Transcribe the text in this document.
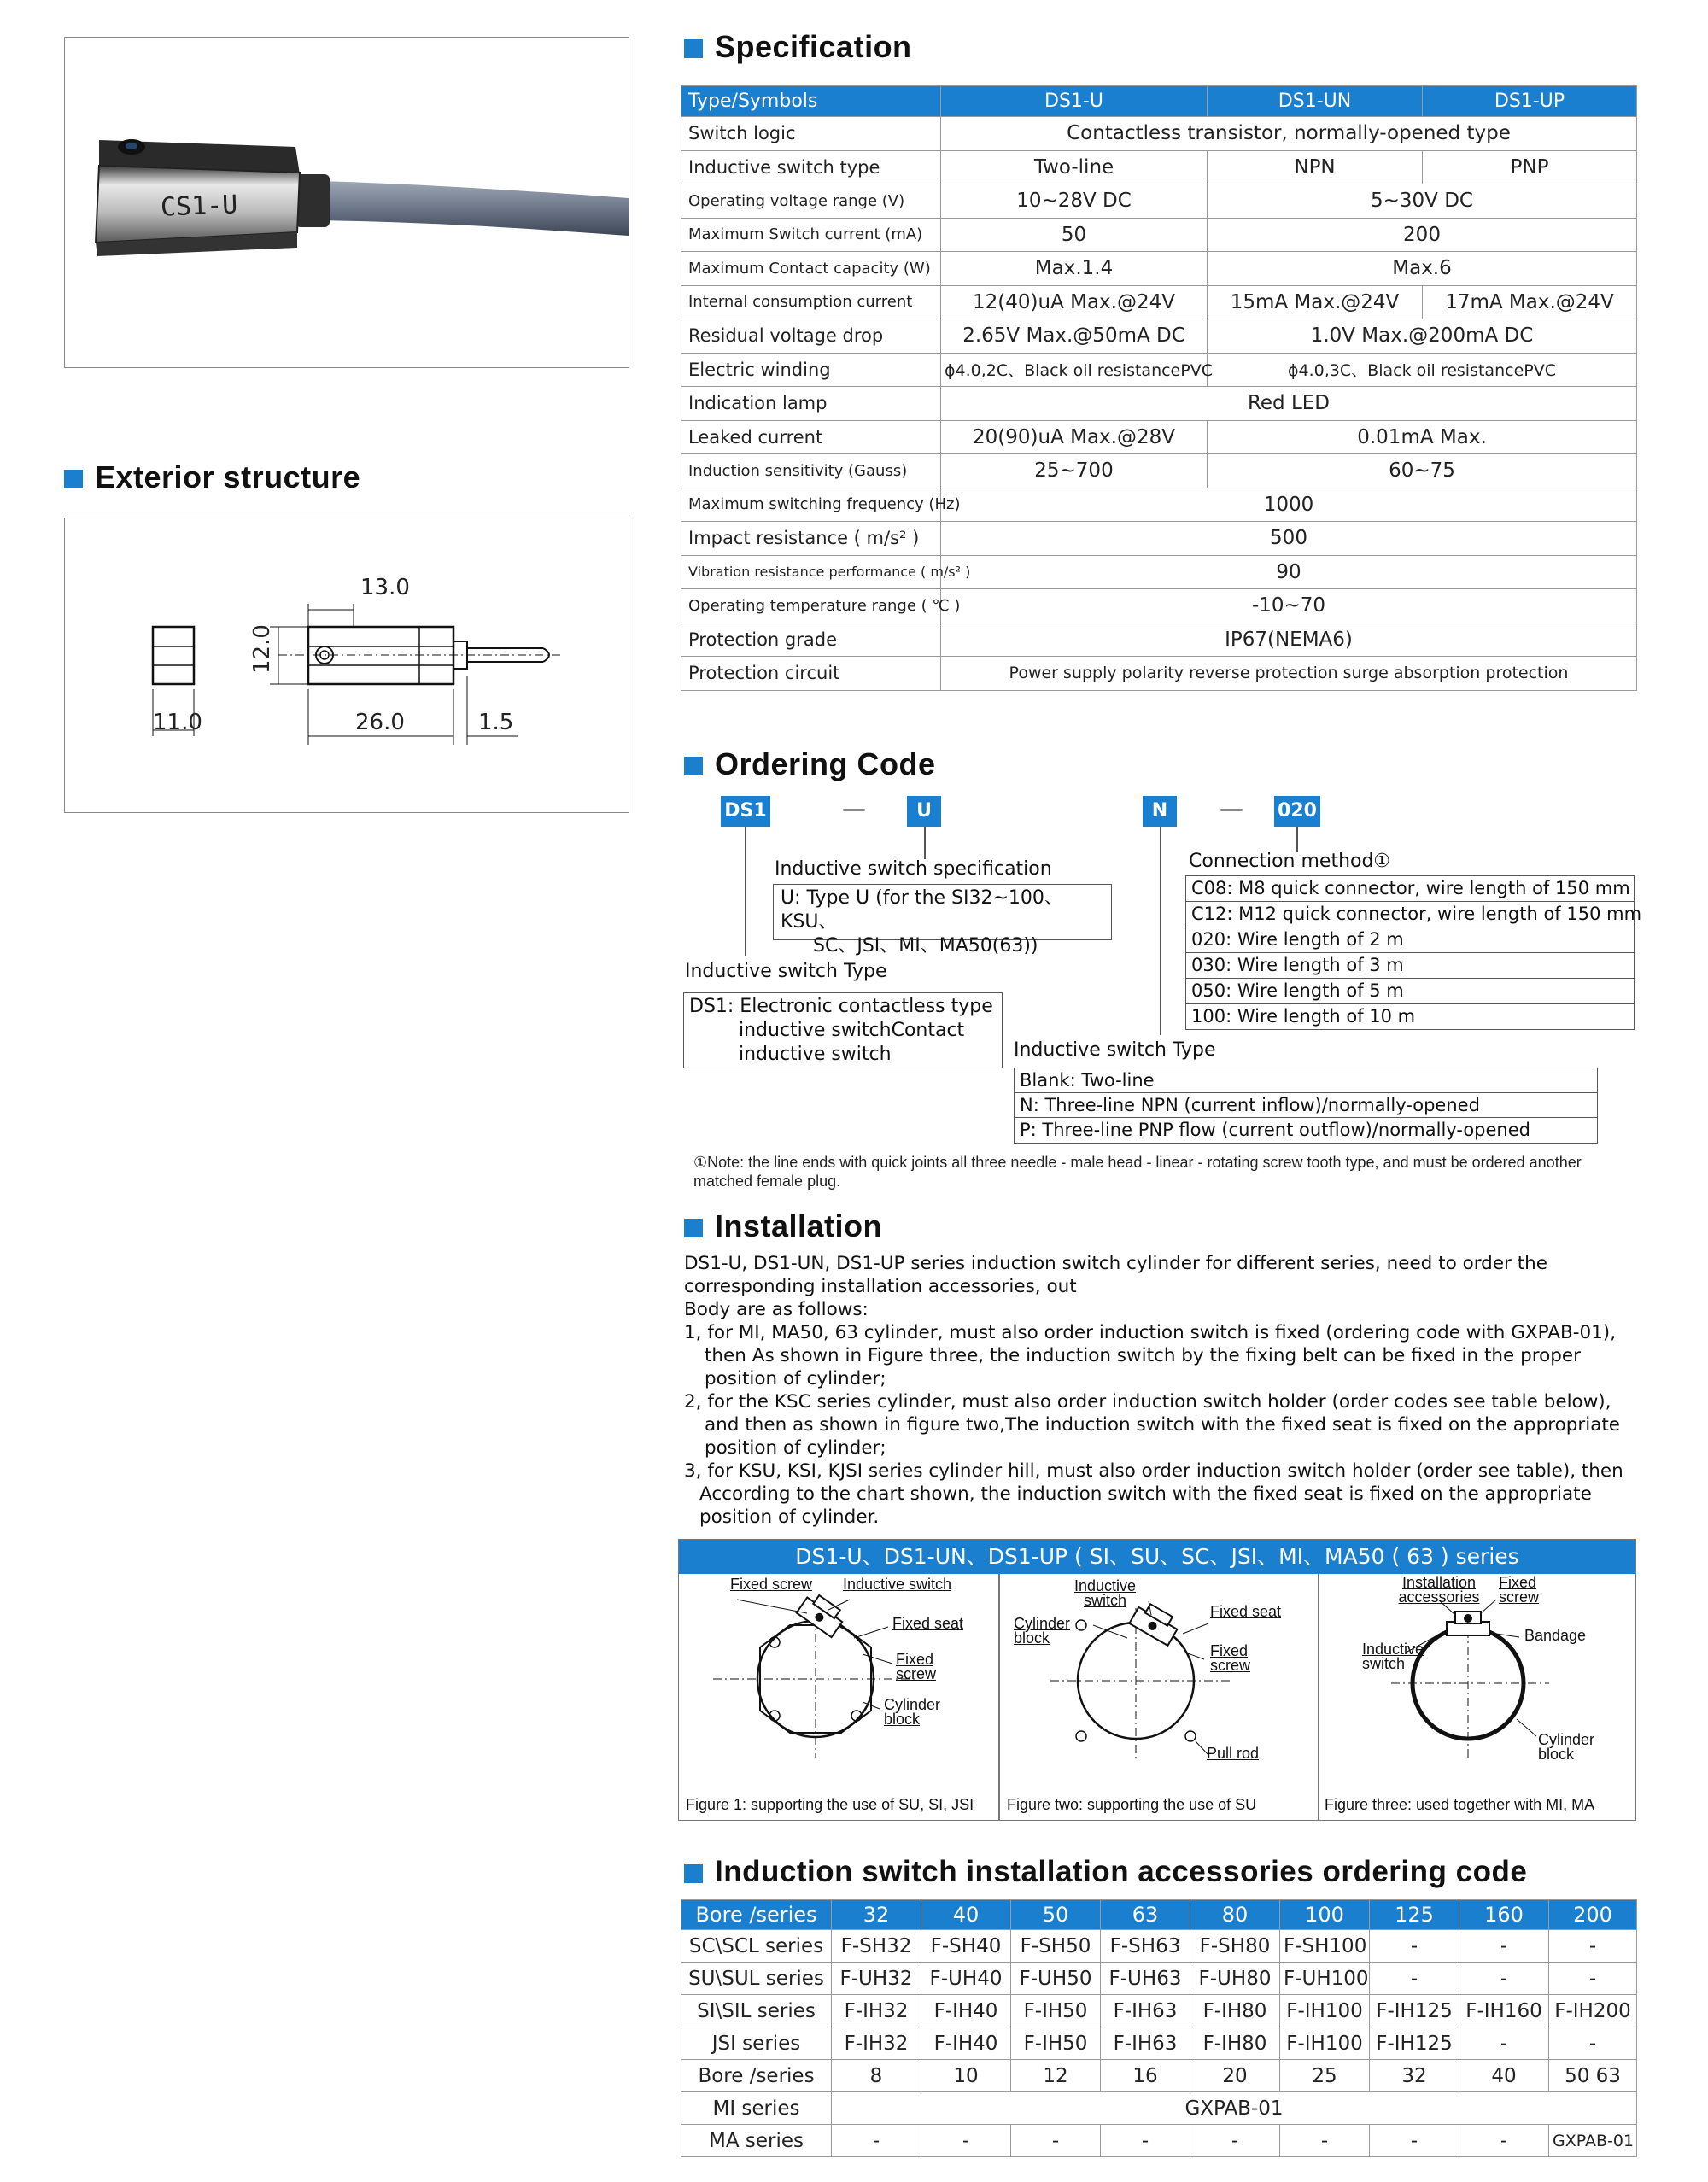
CS1-U
Exterior structure
13.0
12.0
11.0	26.0	1.5
Specification
Type/Symbols	DS1-U	DS1-UN	DS1-UP
Switch logic	Contactless transistor, normally-opened type		
Inductive switch type	Two-line	NPN	PNP
Operating voltage range (V)	10~28V DC	5~30V DC	
Maximum Switch current (mA)	50	200	
Maximum Contact capacity (W)	Max.1.4	Max.6	
Internal consumption current	12(40)uA Max.@24V	15mA Max.@24V	17mA Max.@24V
Residual voltage drop	2.65V Max.@50mA DC	1.0V Max.@200mA DC	
Electric winding	ϕ4.0,2C、Black oil resistancePVC	ϕ4.0,3C、Black oil resistancePVC	
Indication lamp	Red LED		
Leaked current	20(90)uA Max.@28V	0.01mA Max.	
Induction sensitivity (Gauss)	25~700	60~75	
Maximum switching frequency (Hz)	1000		
Impact resistance ( m/s² )	500		
Vibration resistance performance ( m/s² )	90		
Operating temperature range ( ℃ )	-10~70		
Protection grade	IP67(NEMA6)		
Protection circuit	Power supply polarity reverse protection surge absorption protection		
Ordering Code
DS1	—	U	N	— 020
Inductive switch specification
U: Type U (for the SI32~100、KSU、
SC、JSI、MI、MA50(63))
Inductive switch Type
DS1: Electronic contactless type
inductive switchContact
inductive switch
Connection method①
C08: M8 quick connector, wire length of 150 mm
C12: M12 quick connector, wire length of 150 mm
020: Wire length of 2 m
030: Wire length of 3 m
050: Wire length of 5 m
100: Wire length of 10 m
Inductive switch Type
Blank: Two-line
N: Three-line NPN (current inflow)/normally-opened
P: Three-line PNP flow (current outflow)/normally-opened
①Note: the line ends with quick joints all three needle - male head - linear - rotating screw tooth type, and must be ordered another matched female plug.
Installation
DS1-U, DS1-UN, DS1-UP series induction switch cylinder for different series, need to order the
corresponding installation accessories, out
Body are as follows:
1, for MI, MA50, 63 cylinder, must also order induction switch is fixed (ordering code with GXPAB-01),
then As shown in Figure three, the induction switch by the fixing belt can be fixed in the proper
position of cylinder;
2, for the KSC series cylinder, must also order induction switch holder (order codes see table below),
and then as shown in figure two,The induction switch with the fixed seat is fixed on the appropriate
position of cylinder;
3, for KSU, KSI, KJSI series cylinder hill, must also order induction switch holder (order see table), then
According to the chart shown, the induction switch with the fixed seat is fixed on the appropriate
position of cylinder.
DS1-U、DS1-UN、DS1-UP ( SI、SU、SC、JSI、MI、MA50 ( 63 ) series
Fixed screw Inductive switch
Fixed seat
Fixed screw
Cylinder block
Figure 1: supporting the use of SU, SI, JSI
Inductive switch
Cylinder block
Fixed seat
Fixed screw
Pull rod
Figure two: supporting the use of SU
Installation accessories
Fixed screw
Bandage
Inductive switch
Cylinder block
Figure three: used together with MI, MA
Induction switch installation accessories ordering code
Bore /series	32	40	50	63	80	100	125	160	200
SC\SCL series	F-SH32	F-SH40	F-SH50	F-SH63	F-SH80	F-SH100	-	-	-
SU\SUL series	F-UH32	F-UH40	F-UH50	F-UH63	F-UH80	F-UH100	-	-	-
SI\SIL series	F-IH32	F-IH40	F-IH50	F-IH63	F-IH80	F-IH100	F-IH125	F-IH160	F-IH200
JSI series	F-IH32	F-IH40	F-IH50	F-IH63	F-IH80	F-IH100	F-IH125	-	-
Bore /series	8	10	12	16	20	25	32	40	50 63
MI series	GXPAB-01								
MA series	-	-	-	-	-	-	-	-	GXPAB-01
